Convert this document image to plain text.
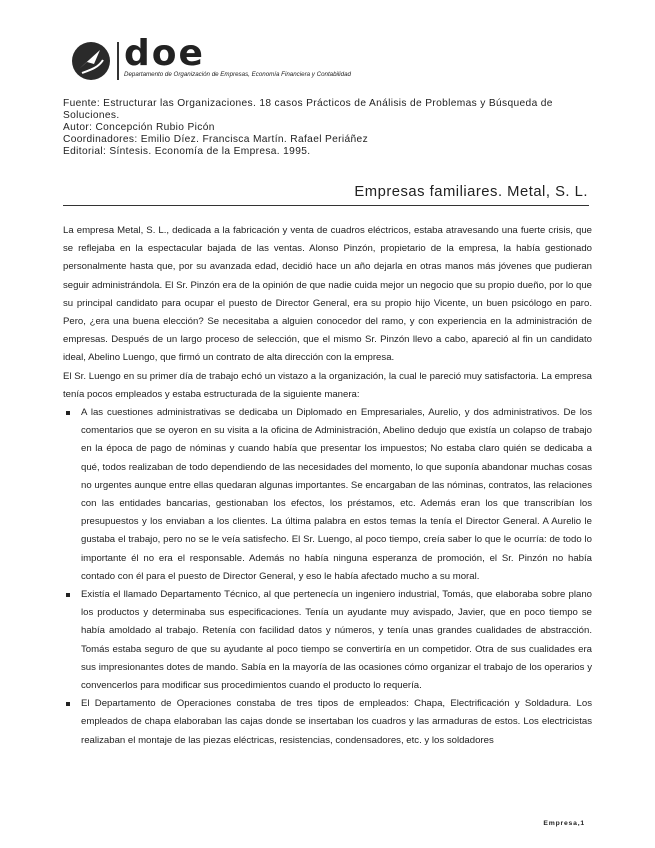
doe
Departamento de Organización de Empresas, Economía Financiera y Contabilidad
Fuente: Estructurar las Organizaciones. 18 casos Prácticos de Análisis de Problemas y Búsqueda de Soluciones.
Autor: Concepción Rubio Picón
Coordinadores: Emilio Díez. Francisca Martín. Rafael Periáñez
Editorial: Síntesis. Economía de la Empresa. 1995.
Empresas familiares. Metal, S. L.

La empresa Metal, S. L., dedicada a la fabricación y venta de cuadros eléctricos, estaba atravesando una fuerte crisis, que se reflejaba en la espectacular bajada de las ventas. Alonso Pinzón, propietario de la empresa, la había gestionado personalmente hasta que, por su avanzada edad, decidió hace un año dejarla en otras manos más jóvenes que pudieran seguir administrándola. El Sr. Pinzón era de la opinión de que nadie cuida mejor un negocio que su propio dueño, por lo que su principal candidato para ocupar el puesto de Director General, era su propio hijo Vicente, un buen psicólogo en paro. Pero, ¿era una buena elección? Se necesitaba a alguien conocedor del ramo, y con experiencia en la administración de empresas. Después de un largo proceso de selección, que el mismo Sr. Pinzón llevo a cabo, apareció al fin un candidato ideal, Abelino Luengo, que firmó un contrato de alta dirección con la empresa.

El Sr. Luengo en su primer día de trabajo echó un vistazo a la organización, la cual le pareció muy satisfactoria. La empresa tenía pocos empleados y estaba estructurada de la siguiente manera:

A las cuestiones administrativas se dedicaba un Diplomado en Empresariales, Aurelio, y dos administrativos. De los comentarios que se oyeron en su visita a la oficina de Administración, Abelino dedujo que existía un colapso de trabajo en la época de pago de nóminas y cuando había que presentar los impuestos; No estaba claro quién se dedicaba a qué, todos realizaban de todo dependiendo de las necesidades del momento, lo que suponía abandonar muchas cosas no urgentes aunque entre ellas quedaran algunas importantes. Se encargaban de las nóminas, contratos, las relaciones con las entidades bancarias, gestionaban los efectos, los préstamos, etc. Además eran los que transcribían los presupuestos y los enviaban a los clientes. La última palabra en estos temas la tenía el Director General. A Aurelio le gustaba el trabajo, pero no se le veía satisfecho. El Sr. Luengo, al poco tiempo, creía saber lo que le ocurría: de todo lo importante él no era el responsable. Además no había ninguna esperanza de promoción, el Sr. Pinzón no había contado con él para el puesto de Director General, y eso le había afectado mucho a su moral.
Existía el llamado Departamento Técnico, al que pertenecía un ingeniero industrial, Tomás, que elaboraba sobre plano los productos y determinaba sus especificaciones. Tenía un ayudante muy avispado, Javier, que en poco tiempo se había amoldado al trabajo. Retenía con facilidad datos y números, y tenía unas grandes cualidades de abstracción. Tomás estaba seguro de que su ayudante al poco tiempo se convertiría en un competidor. Otra de sus cualidades era sus impresionantes dotes de mando. Sabía en la mayoría de las ocasiones cómo organizar el trabajo de los operarios y convencerlos para modificar sus procedimientos cuando el producto lo requería.
El Departamento de Operaciones constaba de tres tipos de empleados: Chapa, Electrificación y Soldadura. Los empleados de chapa elaboraban las cajas donde se insertaban los cuadros y las armaduras de estos. Los electricistas realizaban el montaje de las piezas eléctricas, resistencias, condensadores, etc. y los soldadores
Empresa,1
